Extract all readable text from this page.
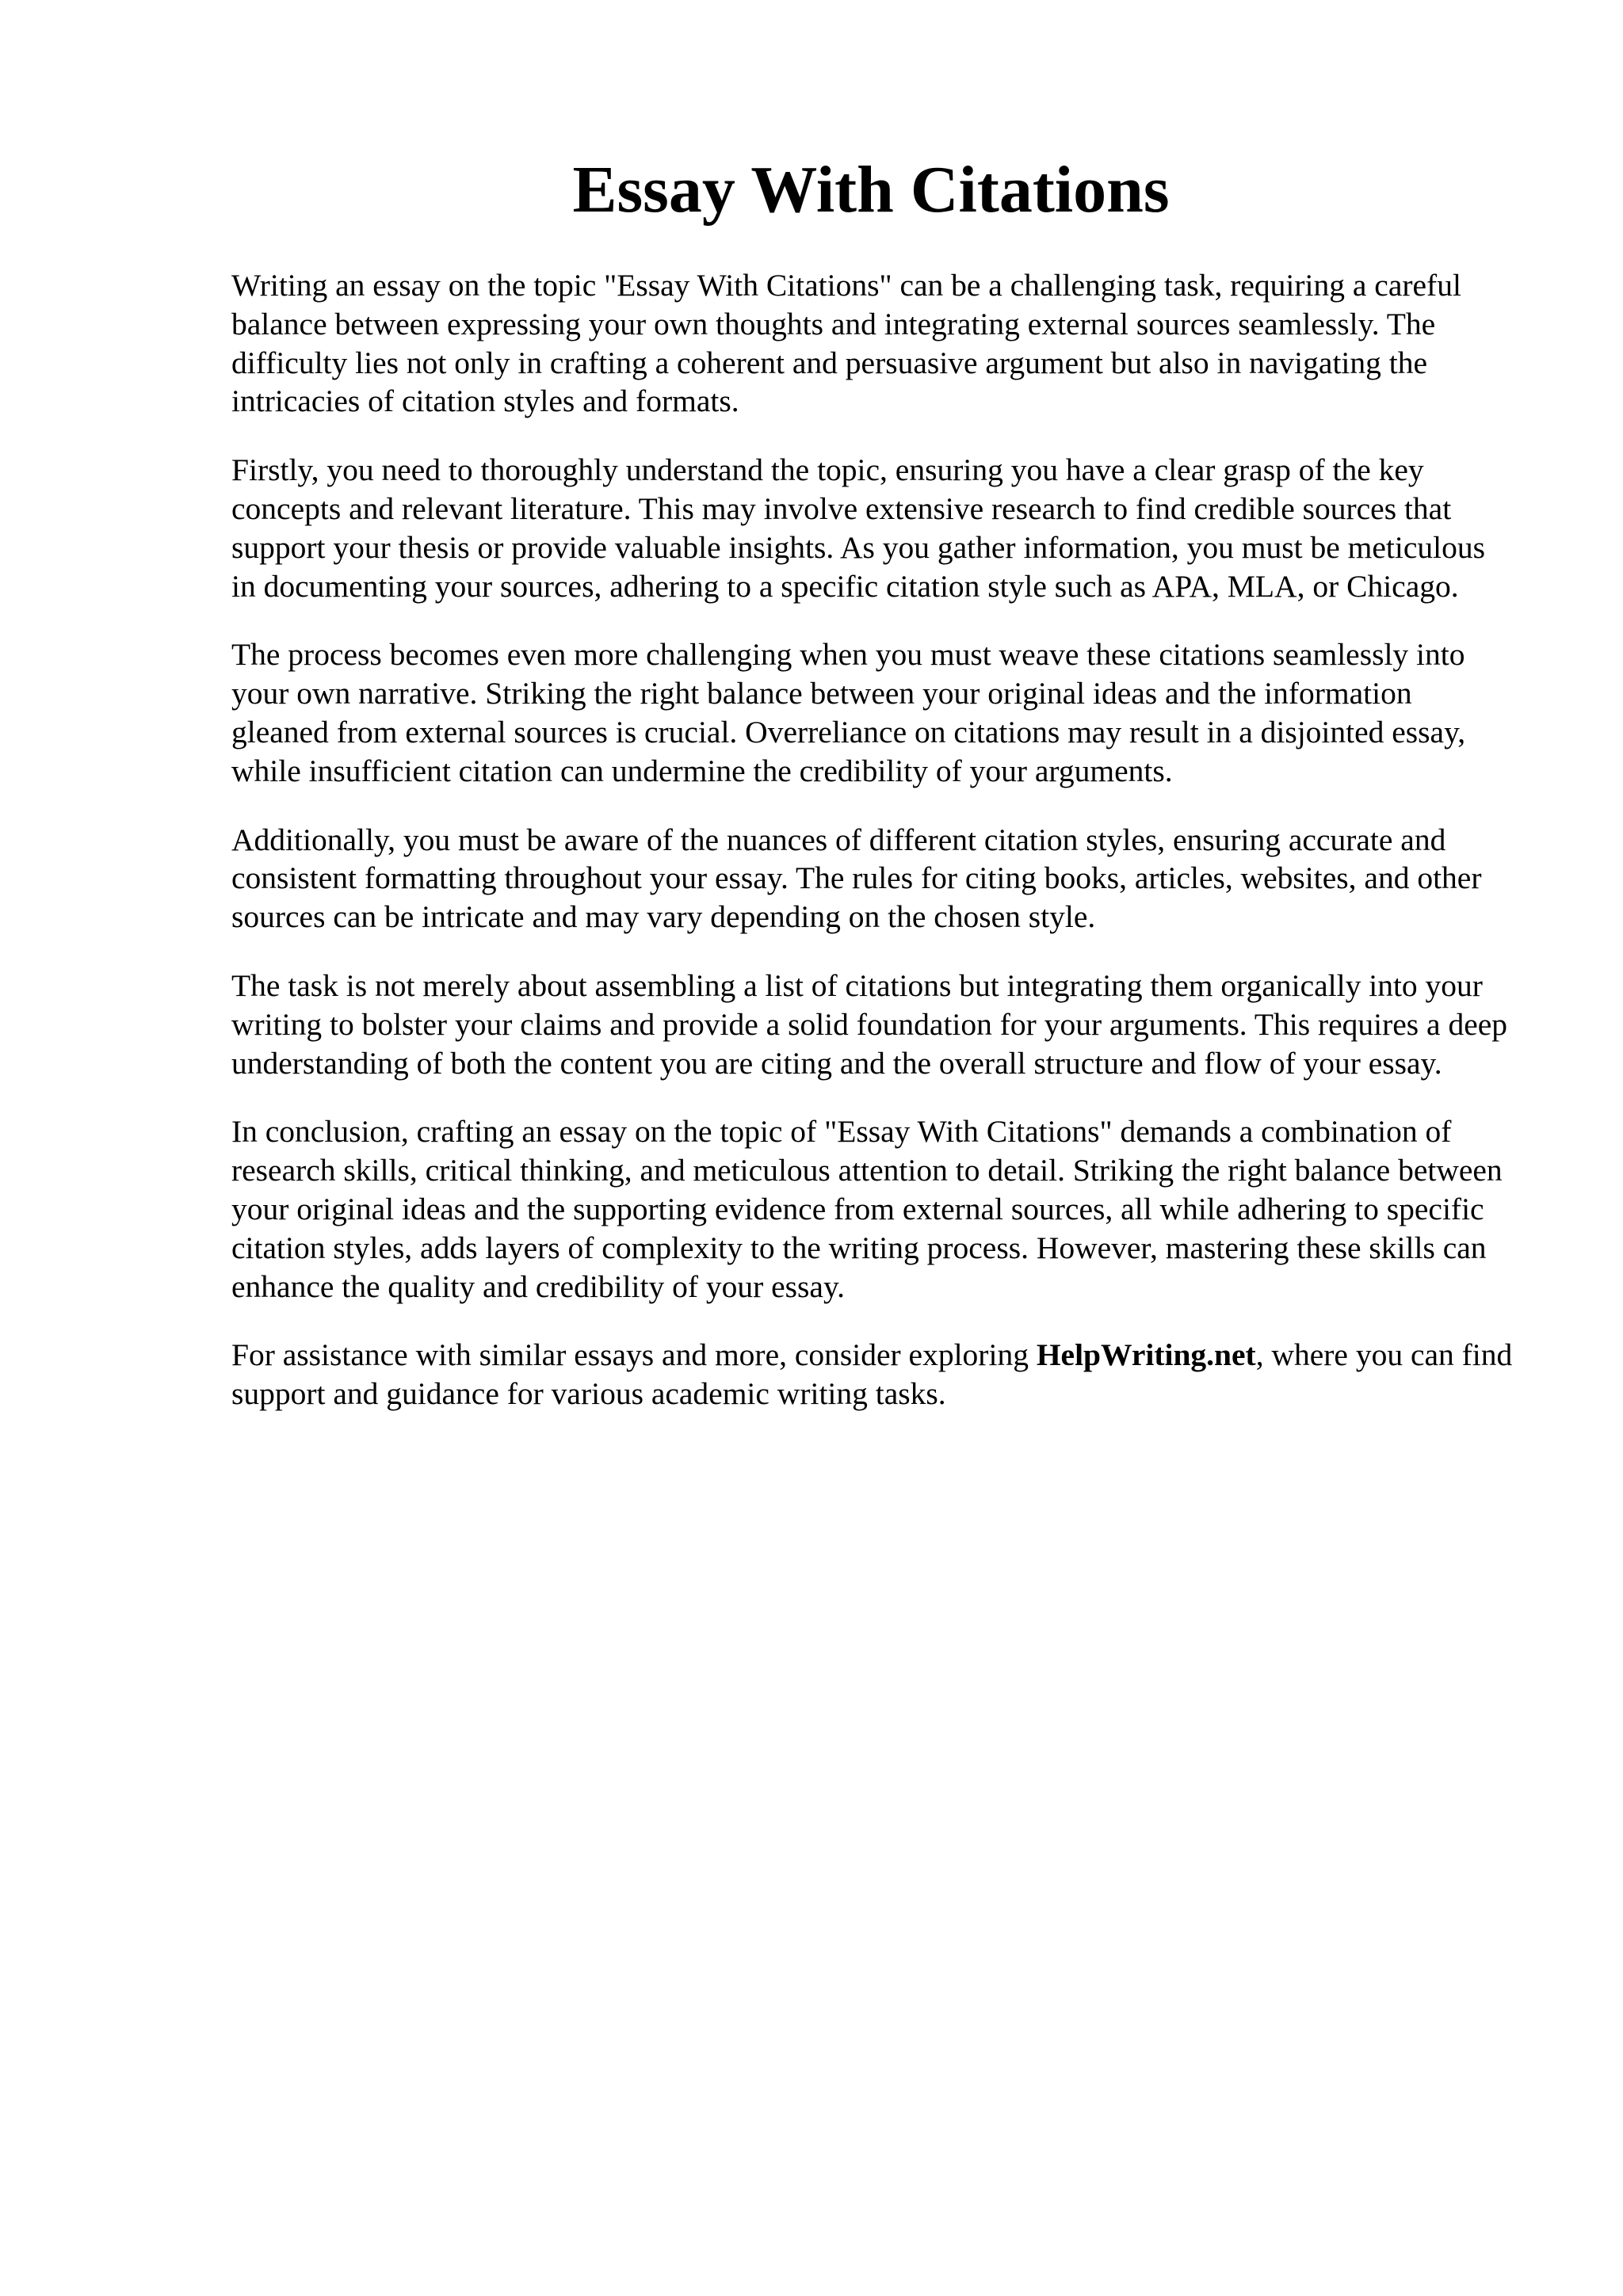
Essay With Citations

Writing an essay on the topic "Essay With Citations" can be a challenging task, requiring a careful balance between expressing your own thoughts and integrating external sources seamlessly. The difficulty lies not only in crafting a coherent and persuasive argument but also in navigating the intricacies of citation styles and formats.

Firstly, you need to thoroughly understand the topic, ensuring you have a clear grasp of the key concepts and relevant literature. This may involve extensive research to find credible sources that support your thesis or provide valuable insights. As you gather information, you must be meticulous in documenting your sources, adhering to a specific citation style such as APA, MLA, or Chicago.

The process becomes even more challenging when you must weave these citations seamlessly into your own narrative. Striking the right balance between your original ideas and the information gleaned from external sources is crucial. Overreliance on citations may result in a disjointed essay, while insufficient citation can undermine the credibility of your arguments.

Additionally, you must be aware of the nuances of different citation styles, ensuring accurate and consistent formatting throughout your essay. The rules for citing books, articles, websites, and other sources can be intricate and may vary depending on the chosen style.

The task is not merely about assembling a list of citations but integrating them organically into your writing to bolster your claims and provide a solid foundation for your arguments. This requires a deep understanding of both the content you are citing and the overall structure and flow of your essay.

In conclusion, crafting an essay on the topic of "Essay With Citations" demands a combination of research skills, critical thinking, and meticulous attention to detail. Striking the right balance between your original ideas and the supporting evidence from external sources, all while adhering to specific citation styles, adds layers of complexity to the writing process. However, mastering these skills can enhance the quality and credibility of your essay.

For assistance with similar essays and more, consider exploring HelpWriting.net, where you can find support and guidance for various academic writing tasks.
